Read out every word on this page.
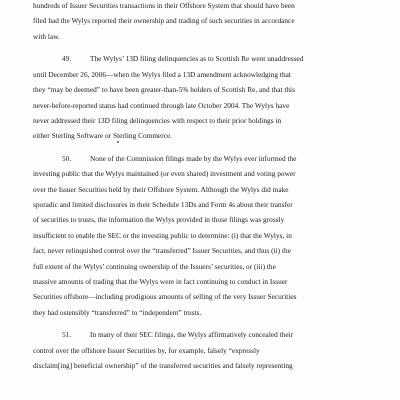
hundreds of Issuer Securities transactions in their Offshore System that should have been
filed had the Wylys reported their ownership and trading of such securities in accordance
with law.
49.	The Wylys’ 13D filing delinquencies as to Scottish Re went unaddressed
until December 26, 2006—when the Wylys filed a 13D amendment acknowledging that
they “may be deemed” to have been greater-than-5% holders of Scottish Re, and that this
never-before-reported status had continued through late October 2004. The Wylys have
never addressed their 13D filing delinquencies with respect to their prior holdings in
either Sterling Software or Sterling Commerce.
50.	None of the Commission filings made by the Wylys ever informed the
investing public that the Wylys maintained (or even shared) investment and voting power
over the Issuer Securities held by their Offshore System. Although the Wylys did make
sporadic and limited disclosures in their Schedule 13Ds and Form 4s about their transfer
of securities to trusts, the information the Wylys provided in those filings was grossly
insufficient to enable the SEC or the investing public to determine: (i) that the Wylys, in
fact, never relinquished control over the “transferred” Issuer Securities, and thus (ii) the
full extent of the Wylys’ continuing ownership of the Issuers’ securities, or (iii) the
massive amounts of trading that the Wylys were in fact continuing to conduct in Issuer
Securities offshore—including prodigious amounts of selling of the very Issuer Securities
they had ostensibly “transferred” to “independent” trusts.
51.	In many of their SEC filings, the Wylys affirmatively concealed their
control over the offshore Issuer Securities by, for example, falsely “expressly
disclaim[ing] beneficial ownership” of the transferred securities and falsely representing
